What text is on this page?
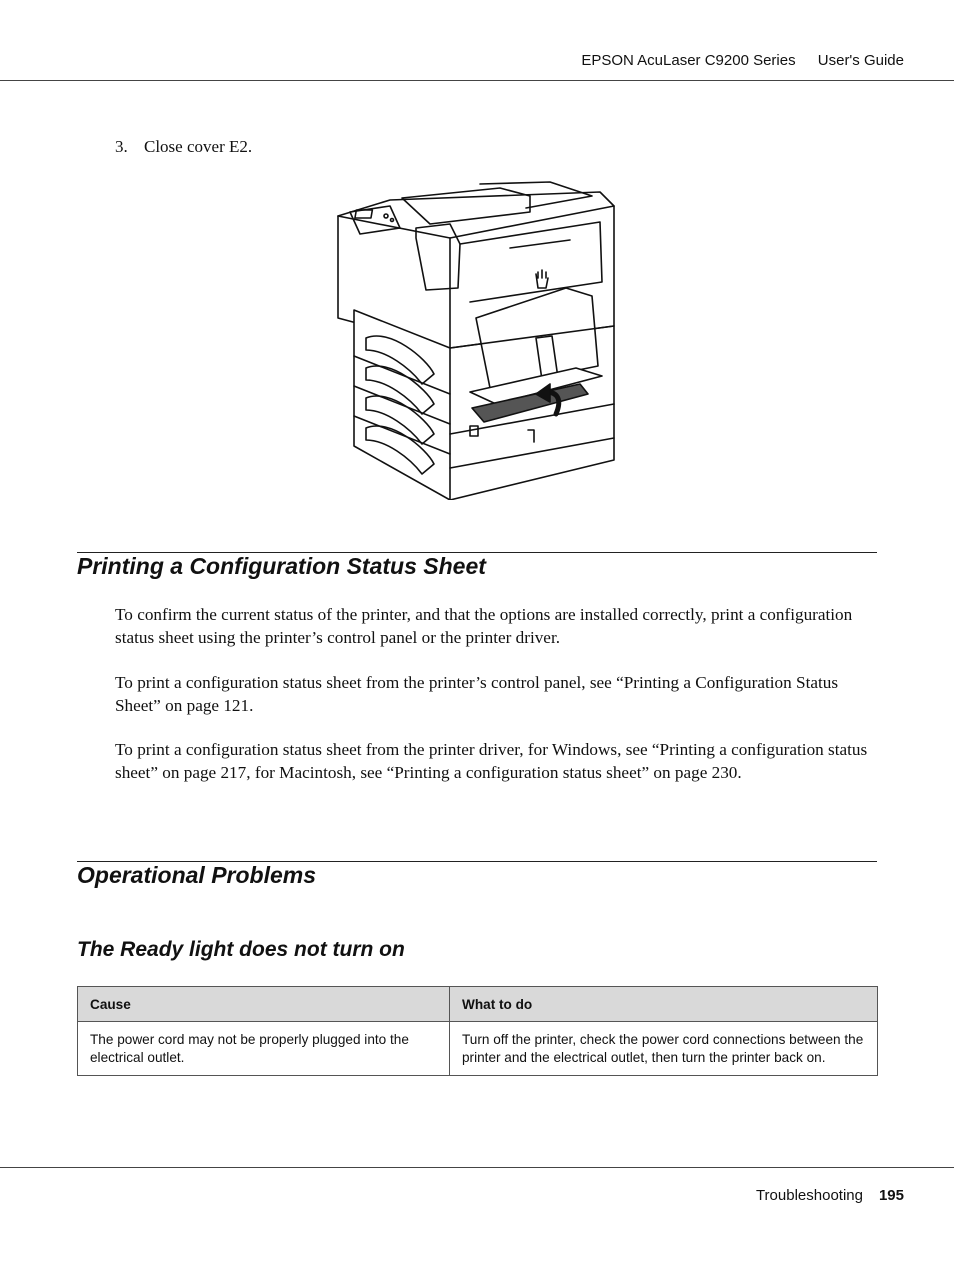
EPSON AcuLaser C9200 Series User's Guide
3. Close cover E2.
Printing a Configuration Status Sheet

To confirm the current status of the printer, and that the options are installed correctly, print a configuration status sheet using the printer’s control panel or the printer driver.

To print a configuration status sheet from the printer’s control panel, see “Printing a Configuration Status Sheet” on page 121.

To print a configuration status sheet from the printer driver, for Windows, see “Printing a configuration status sheet” on page 217, for Macintosh, see “Printing a configuration status sheet” on page 230.

Operational Problems
The Ready light does not turn on
Cause	What to do
The power cord may not be properly plugged into the electrical outlet.	Turn off the printer, check the power cord connections between the printer and the electrical outlet, then turn the printer back on.
Troubleshooting 195
